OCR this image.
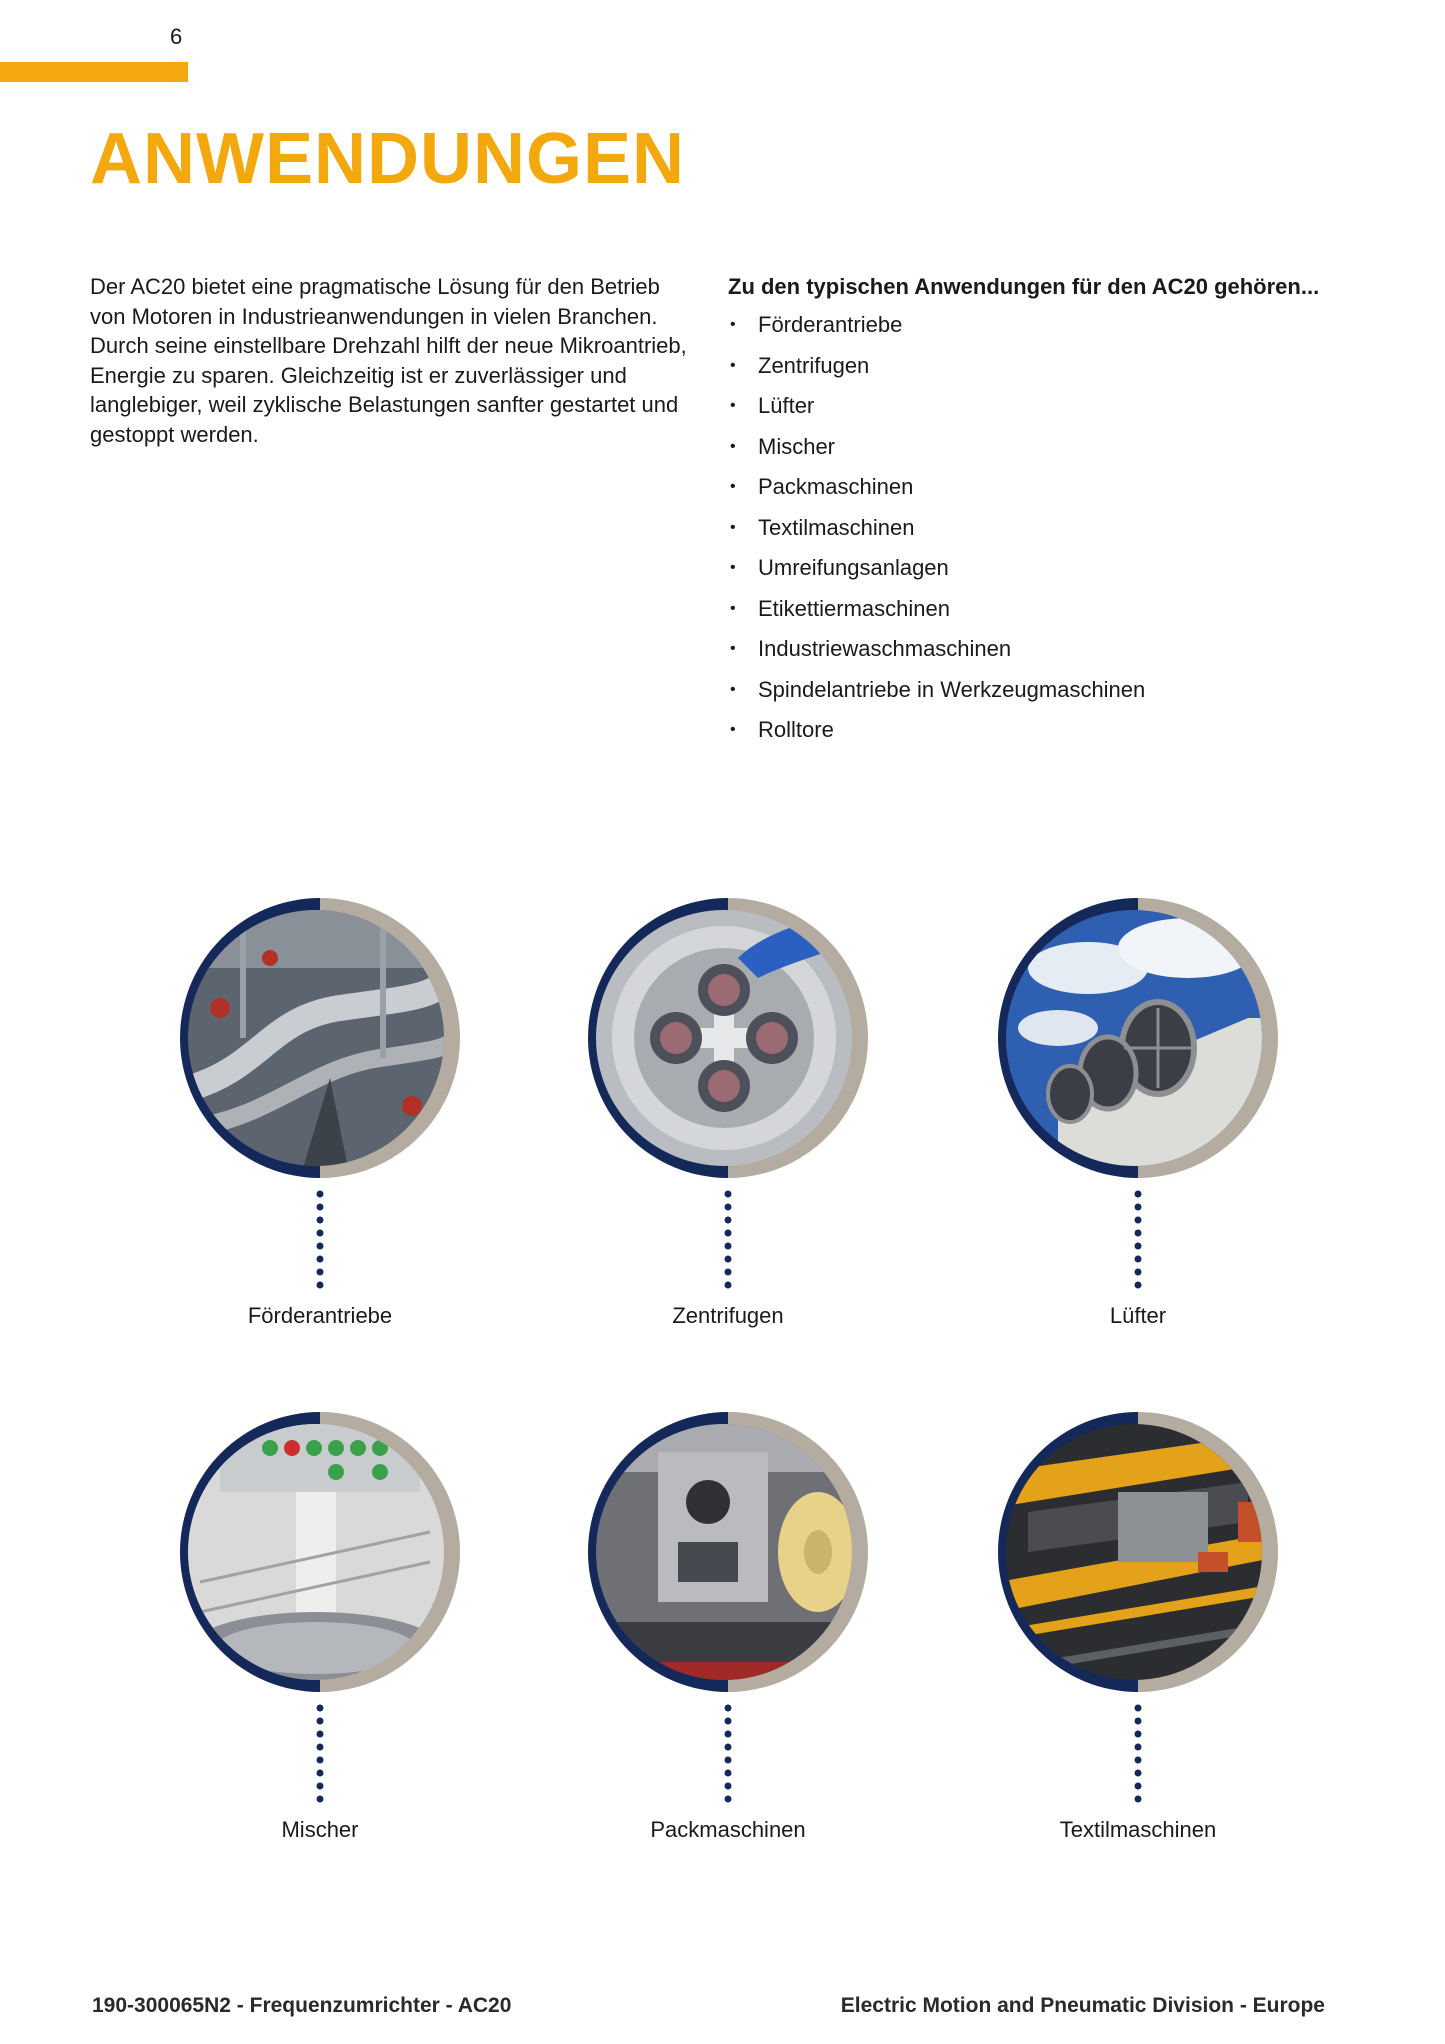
6
ANWENDUNGEN

Der AC20 bietet eine pragmatische Lösung für den Betrieb von Motoren in Industrieanwendungen in vielen Branchen. Durch seine einstellbare Drehzahl hilft der neue Mikroantrieb, Energie zu sparen. Gleichzeitig ist er zuverlässiger und langlebiger, weil zyklische Belastungen sanfter gestartet und gestoppt werden.

Zu den typischen Anwendungen für den AC20 gehören...

• Förderantriebe
• Zentrifugen
• Lüfter
• Mischer
• Packmaschinen
• Textilmaschinen
• Umreifungsanlagen
• Etikettiermaschinen
• Industriewaschmaschinen
• Spindelantriebe in Werkzeugmaschinen
• Rolltore
Förderantriebe	Zentrifugen	Lüfter
Mischer	Packmaschinen	Textilmaschinen
190-300065N2 - Frequenzumrichter - AC20	Electric Motion and Pneumatic Division - Europe
